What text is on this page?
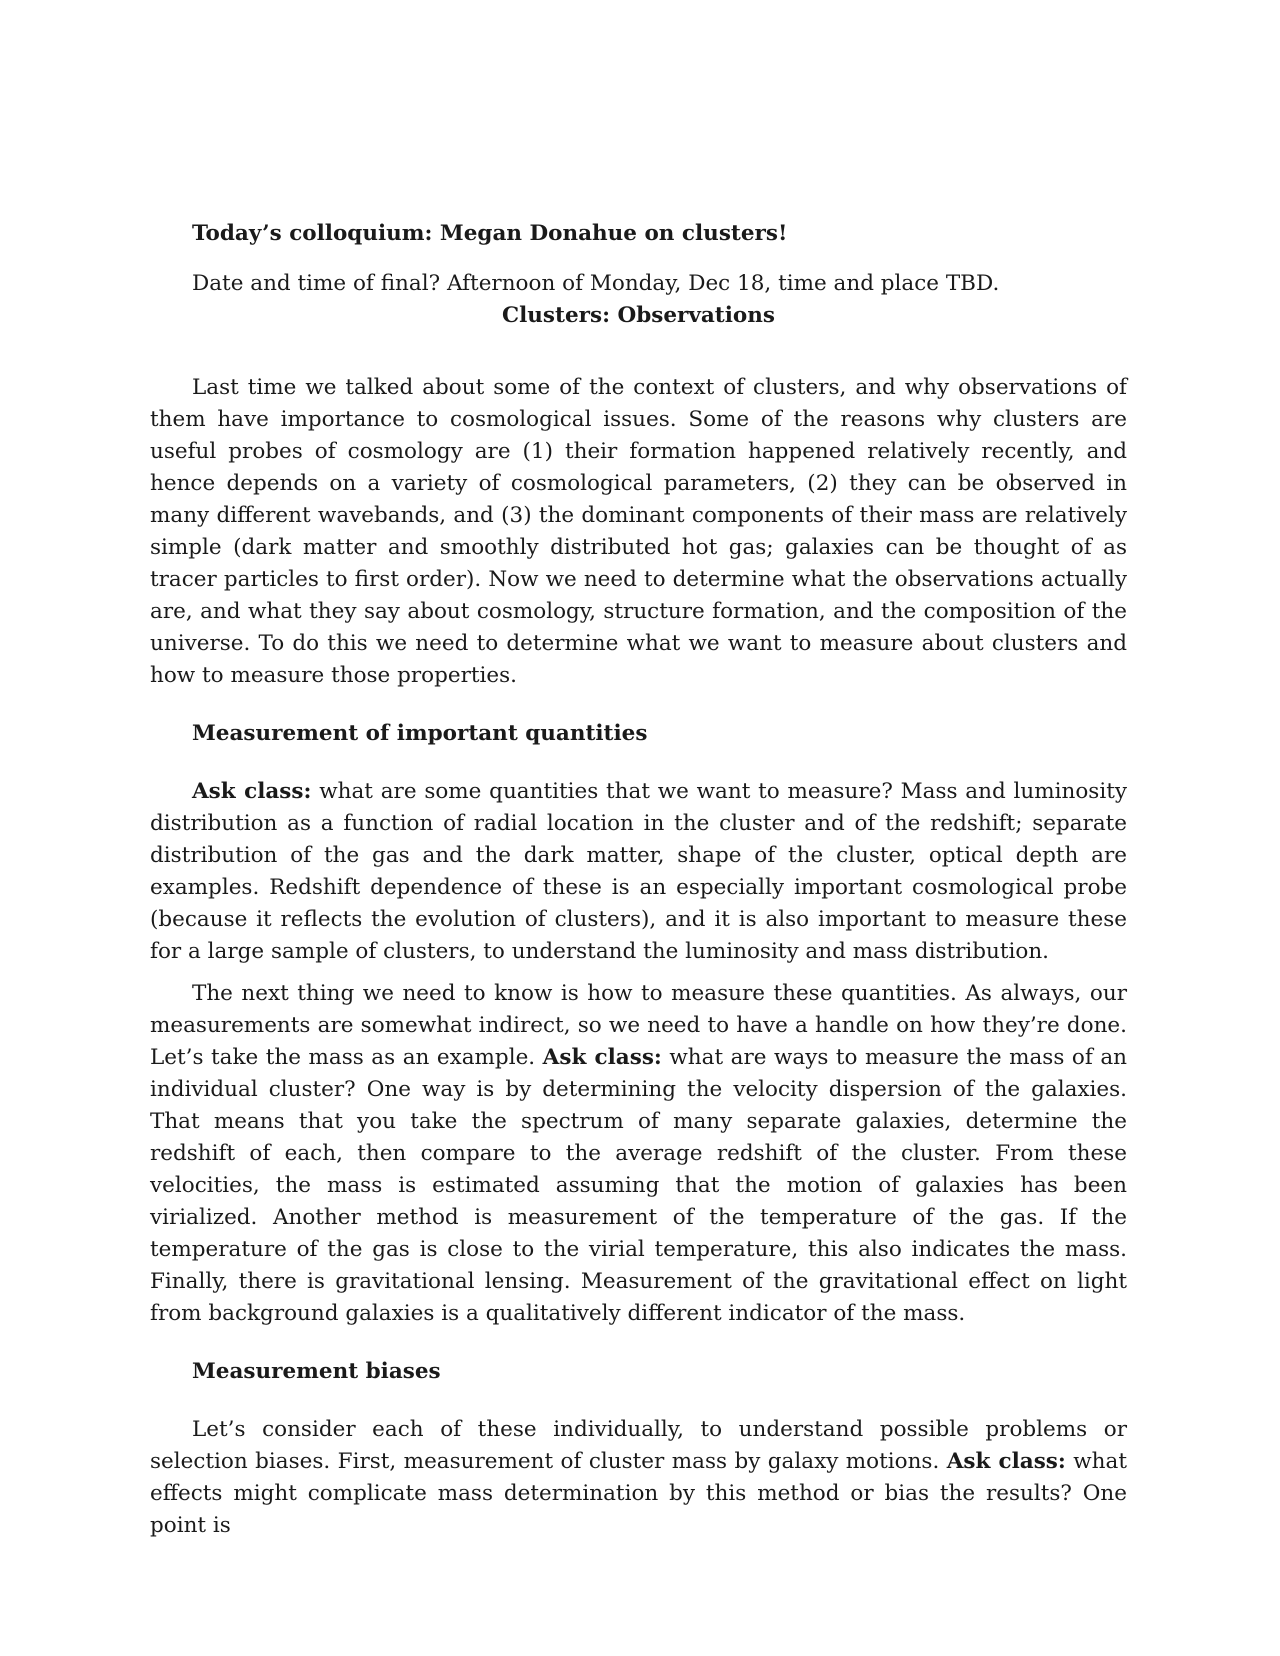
Today’s colloquium: Megan Donahue on clusters!

Date and time of final? Afternoon of Monday, Dec 18, time and place TBD.

Clusters: Observations

Last time we talked about some of the context of clusters, and why observations of them have importance to cosmological issues. Some of the reasons why clusters are useful probes of cosmology are (1) their formation happened relatively recently, and hence depends on a variety of cosmological parameters, (2) they can be observed in many different wavebands, and (3) the dominant components of their mass are relatively simple (dark matter and smoothly distributed hot gas; galaxies can be thought of as tracer particles to first order). Now we need to determine what the observations actually are, and what they say about cosmology, structure formation, and the composition of the universe. To do this we need to determine what we want to measure about clusters and how to measure those properties.

Measurement of important quantities

Ask class: what are some quantities that we want to measure? Mass and luminosity distribution as a function of radial location in the cluster and of the redshift; separate distribution of the gas and the dark matter, shape of the cluster, optical depth are examples. Redshift dependence of these is an especially important cosmological probe (because it reflects the evolution of clusters), and it is also important to measure these for a large sample of clusters, to understand the luminosity and mass distribution.

The next thing we need to know is how to measure these quantities. As always, our measurements are somewhat indirect, so we need to have a handle on how they’re done. Let’s take the mass as an example. Ask class: what are ways to measure the mass of an individual cluster? One way is by determining the velocity dispersion of the galaxies. That means that you take the spectrum of many separate galaxies, determine the redshift of each, then compare to the average redshift of the cluster. From these velocities, the mass is estimated assuming that the motion of galaxies has been virialized. Another method is measurement of the temperature of the gas. If the temperature of the gas is close to the virial temperature, this also indicates the mass. Finally, there is gravitational lensing. Measurement of the gravitational effect on light from background galaxies is a qualitatively different indicator of the mass.

Measurement biases

Let’s consider each of these individually, to understand possible problems or selection biases. First, measurement of cluster mass by galaxy motions. Ask class: what effects might complicate mass determination by this method or bias the results? One point is
